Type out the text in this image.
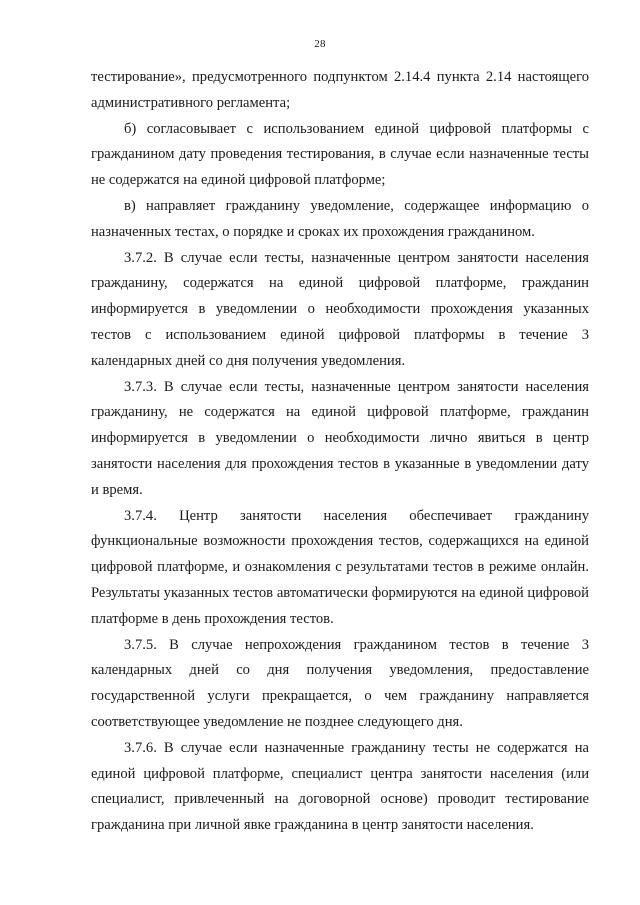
28

тестирование», предусмотренного подпунктом 2.14.4 пункта 2.14 настоящего административного регламента;

б) согласовывает с использованием единой цифровой платформы с гражданином дату проведения тестирования, в случае если назначенные тесты не содержатся на единой цифровой платформе;

в) направляет гражданину уведомление, содержащее информацию о назначенных тестах, о порядке и сроках их прохождения гражданином.

3.7.2. В случае если тесты, назначенные центром занятости населения гражданину, содержатся на единой цифровой платформе, гражданин информируется в уведомлении о необходимости прохождения указанных тестов с использованием единой цифровой платформы в течение 3 календарных дней со дня получения уведомления.

3.7.3. В случае если тесты, назначенные центром занятости населения гражданину, не содержатся на единой цифровой платформе, гражданин информируется в уведомлении о необходимости лично явиться в центр занятости населения для прохождения тестов в указанные в уведомлении дату и время.

3.7.4. Центр занятости населения обеспечивает гражданину функциональные возможности прохождения тестов, содержащихся на единой цифровой платформе, и ознакомления с результатами тестов в режиме онлайн. Результаты указанных тестов автоматически формируются на единой цифровой платформе в день прохождения тестов.

3.7.5. В случае непрохождения гражданином тестов в течение 3 календарных дней со дня получения уведомления, предоставление государственной услуги прекращается, о чем гражданину направляется соответствующее уведомление не позднее следующего дня.

3.7.6. В случае если назначенные гражданину тесты не содержатся на единой цифровой платформе, специалист центра занятости населения (или специалист, привлеченный на договорной основе) проводит тестирование гражданина при личной явке гражданина в центр занятости населения.
